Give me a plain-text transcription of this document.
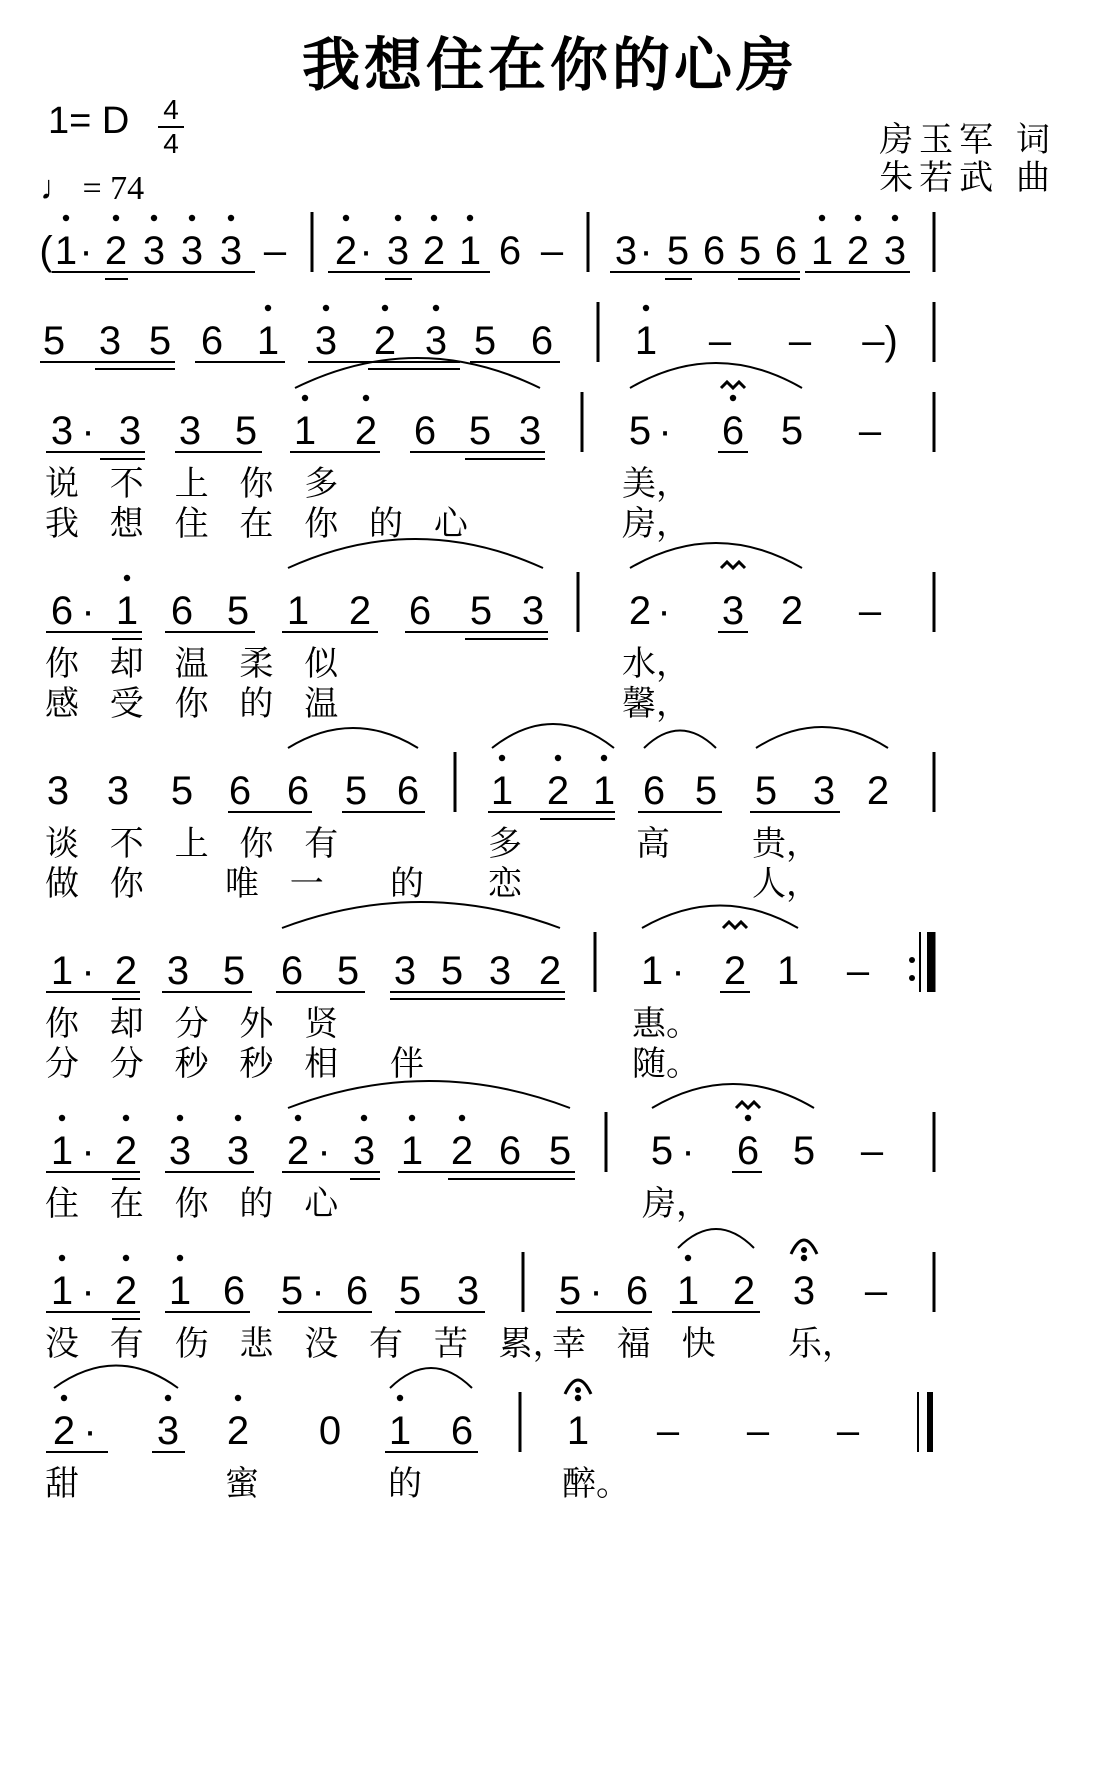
我想住在你的心房
1= D 4
4
♩ = 74
房玉军 词
朱若武 曲
( 1 · 2 3 3 3 – 2 · 3 2 1 6 – 3 · 5 6 5 6 1 2 3
5 3 5 6 1 3 2 3 5 6 1 – – –)
3 · 3 3 5 1 2 6 5 3 5 · 6 5 –
说 不 上 你 多	美，
我 想 住 在 你 的 心	房，
6 · 1 6 5 1 2 6 5 3 2 · 3 2 –
你 却 温 柔 似	水，
感 受 你 的 温	馨，
3 3 5 6 6 5 6 1 2 1 6 5 5 3 2
谈 不 上 你 有	多	高 贵，
做 你 唯 一 的 恋	人，
1 · 2 3 5 6 5 3 5 3 2 1 · 2 1 –
你 却 分 外 贤	惠。
分 分 秒 秒 相 伴	随。
1 · 2 3 3 2 · 3 1 2 6 5 5 · 6 5 –
住 在 你 的 心	房，
1 · 2 1 6 5 · 6 5 3 5 · 6 1 2 3 –
没 有 伤 悲 没 有 苦 累，
幸 福 快 乐，
2 · 3 2 0 1 6 1 – – –
甜	蜜	的	醉。
